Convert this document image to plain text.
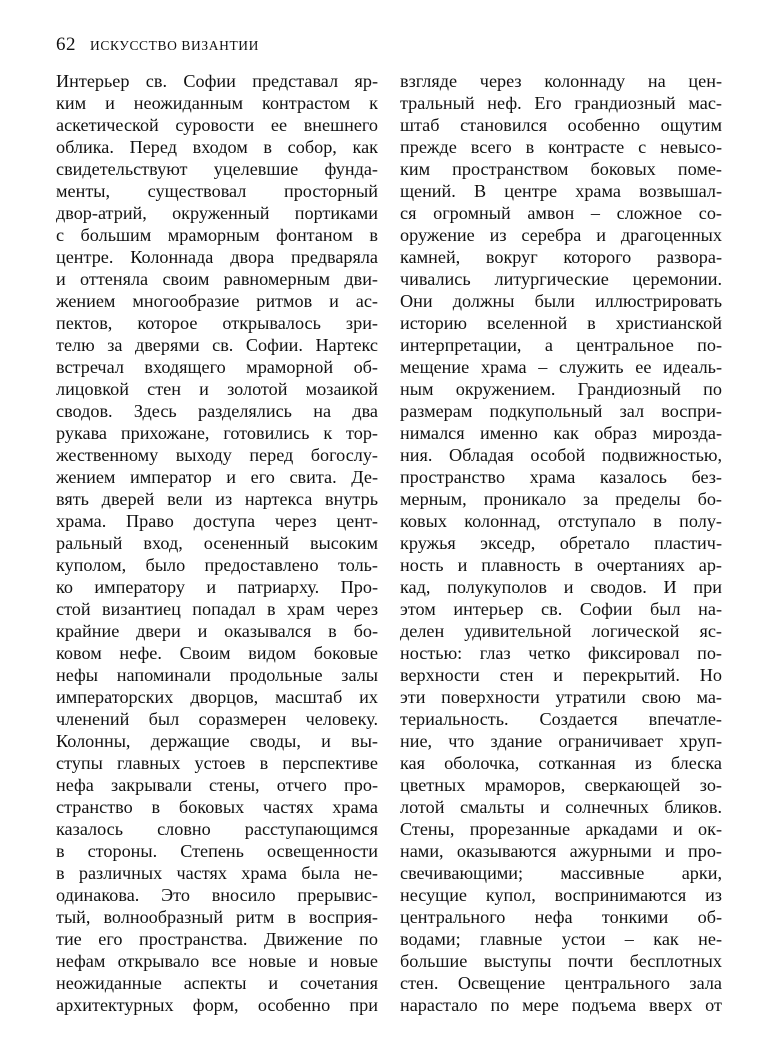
62 ИСКУССТВО ВИЗАНТИИ
Интерьер св. Софии представал яр-
ким и неожиданным контрастом к
аскетической суровости ее внешнего
облика. Перед входом в собор, как
свидетельствуют уцелевшие фунда-
менты, существовал просторный
двор-атрий, окруженный портиками
с большим мраморным фонтаном в
центре. Колоннада двора предваряла
и оттеняла своим равномерным дви-
жением многообразие ритмов и ас-
пектов, которое открывалось зри-
телю за дверями св. Софии. Нартекс
встречал входящего мраморной об-
лицовкой стен и золотой мозаикой
сводов. Здесь разделялись на два
рукава прихожане, готовились к тор-
жественному выходу перед богослу-
жением император и его свита. Де-
вять дверей вели из нартекса внутрь
храма. Право доступа через цент-
ральный вход, осененный высоким
куполом, было предоставлено толь-
ко императору и патриарху. Про-
стой византиец попадал в храм через
крайние двери и оказывался в бо-
ковом нефе. Своим видом боковые
нефы напоминали продольные залы
императорских дворцов, масштаб их
членений был соразмерен человеку.
Колонны, держащие своды, и вы-
ступы главных устоев в перспективе
нефа закрывали стены, отчего про-
странство в боковых частях храма
казалось словно расступающимся
в стороны. Степень освещенности
в различных частях храма была не-
одинакова. Это вносило прерывис-
тый, волнообразный ритм в восприя-
тие его пространства. Движение по
нефам открывало все новые и новые
неожиданные аспекты и сочетания
архитектурных форм, особенно при
взгляде через колоннаду на цен-
тральный неф. Его грандиозный мас-
штаб становился особенно ощутим
прежде всего в контрасте с невысо-
ким пространством боковых поме-
щений. В центре храма возвышал-
ся огромный амвон – сложное со-
оружение из серебра и драгоценных
камней, вокруг которого развора-
чивались литургические церемонии.
Они должны были иллюстрировать
историю вселенной в христианской
интерпретации, а центральное по-
мещение храма – служить ее идеаль-
ным окружением. Грандиозный по
размерам подкупольный зал воспри-
нимался именно как образ мирозда-
ния. Обладая особой подвижностью,
пространство храма казалось без-
мерным, проникало за пределы бо-
ковых колоннад, отступало в полу-
кружья экседр, обретало пластич-
ность и плавность в очертаниях ар-
кад, полукуполов и сводов. И при
этом интерьер св. Софии был на-
делен удивительной логической яс-
ностью: глаз четко фиксировал по-
верхности стен и перекрытий. Но
эти поверхности утратили свою ма-
териальность. Создается впечатле-
ние, что здание ограничивает хруп-
кая оболочка, сотканная из блеска
цветных мраморов, сверкающей зо-
лотой смальты и солнечных бликов.
Стены, прорезанные аркадами и ок-
нами, оказываются ажурными и про-
свечивающими; массивные арки,
несущие купол, воспринимаются из
центрального нефа тонкими об-
водами; главные устои – как не-
большие выступы почти бесплотных
стен. Освещение центрального зала
нарастало по мере подъема вверх от
